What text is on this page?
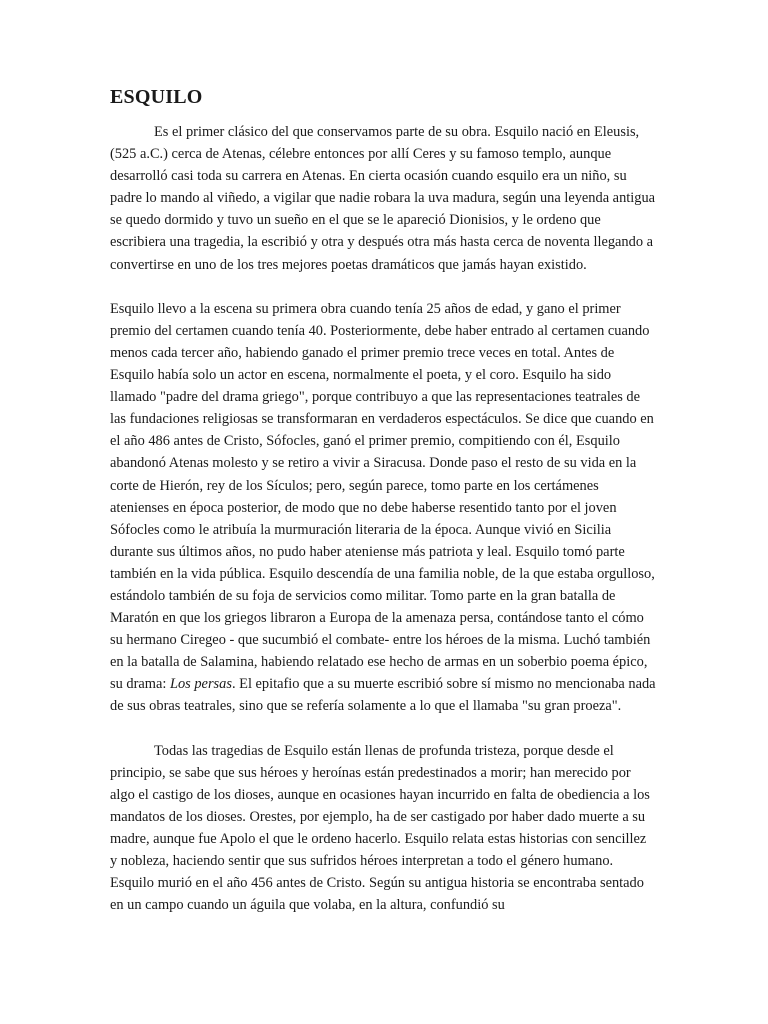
ESQUILO

Es el primer clásico del que conservamos parte de su obra. Esquilo nació en Eleusis, (525 a.C.) cerca de Atenas, célebre entonces por allí Ceres y su famoso templo, aunque desarrolló casi toda su carrera en Atenas. En cierta ocasión cuando esquilo era un niño, su padre lo mando al viñedo, a vigilar que nadie robara la uva madura, según una leyenda antigua se quedo dormido y tuvo un sueño en el que se le apareció Dionisios, y le ordeno que escribiera una tragedia, la escribió y otra y después otra más hasta cerca de noventa llegando a convertirse en uno de los tres mejores poetas dramáticos que jamás hayan existido.

Esquilo llevo a la escena su primera obra cuando tenía 25 años de edad, y gano el primer premio del certamen cuando tenía 40. Posteriormente, debe haber entrado al certamen cuando menos cada tercer año, habiendo ganado el primer premio trece veces en total. Antes de Esquilo había solo un actor en escena, normalmente el poeta, y el coro. Esquilo ha sido llamado "padre del drama griego", porque contribuyo a que las representaciones teatrales de las fundaciones religiosas se transformaran en verdaderos espectáculos. Se dice que cuando en el año 486 antes de Cristo, Sófocles, ganó el primer premio, compitiendo con él, Esquilo abandonó Atenas molesto y se retiro a vivir a Siracusa. Donde paso el resto de su vida en la corte de Hierón, rey de los Sículos; pero, según parece, tomo parte en los certámenes atenienses en época posterior, de modo que no debe haberse resentido tanto por el joven Sófocles como le atribuía la murmuración literaria de la época. Aunque vivió en Sicilia durante sus últimos años, no pudo haber ateniense más patriota y leal. Esquilo tomó parte también en la vida pública. Esquilo descendía de una familia noble, de la que estaba orgulloso, estándolo también de su foja de servicios como militar. Tomo parte en la gran batalla de Maratón en que los griegos libraron a Europa de la amenaza persa, contándose tanto el cómo su hermano Ciregeo - que sucumbió el combate- entre los héroes de la misma. Luchó también en la batalla de Salamina, habiendo relatado ese hecho de armas en un soberbio poema épico, su drama: Los persas. El epitafio que a su muerte escribió sobre sí mismo no mencionaba nada de sus obras teatrales, sino que se refería solamente a lo que el llamaba "su gran proeza".

Todas las tragedias de Esquilo están llenas de profunda tristeza, porque desde el principio, se sabe que sus héroes y heroínas están predestinados a morir; han merecido por algo el castigo de los dioses, aunque en ocasiones hayan incurrido en falta de obediencia a los mandatos de los dioses. Orestes, por ejemplo, ha de ser castigado por haber dado muerte a su madre, aunque fue Apolo el que le ordeno hacerlo. Esquilo relata estas historias con sencillez y nobleza, haciendo sentir que sus sufridos héroes interpretan a todo el género humano. Esquilo murió en el año 456 antes de Cristo. Según su antigua historia se encontraba sentado en un campo cuando un águila que volaba, en la altura, confundió su
